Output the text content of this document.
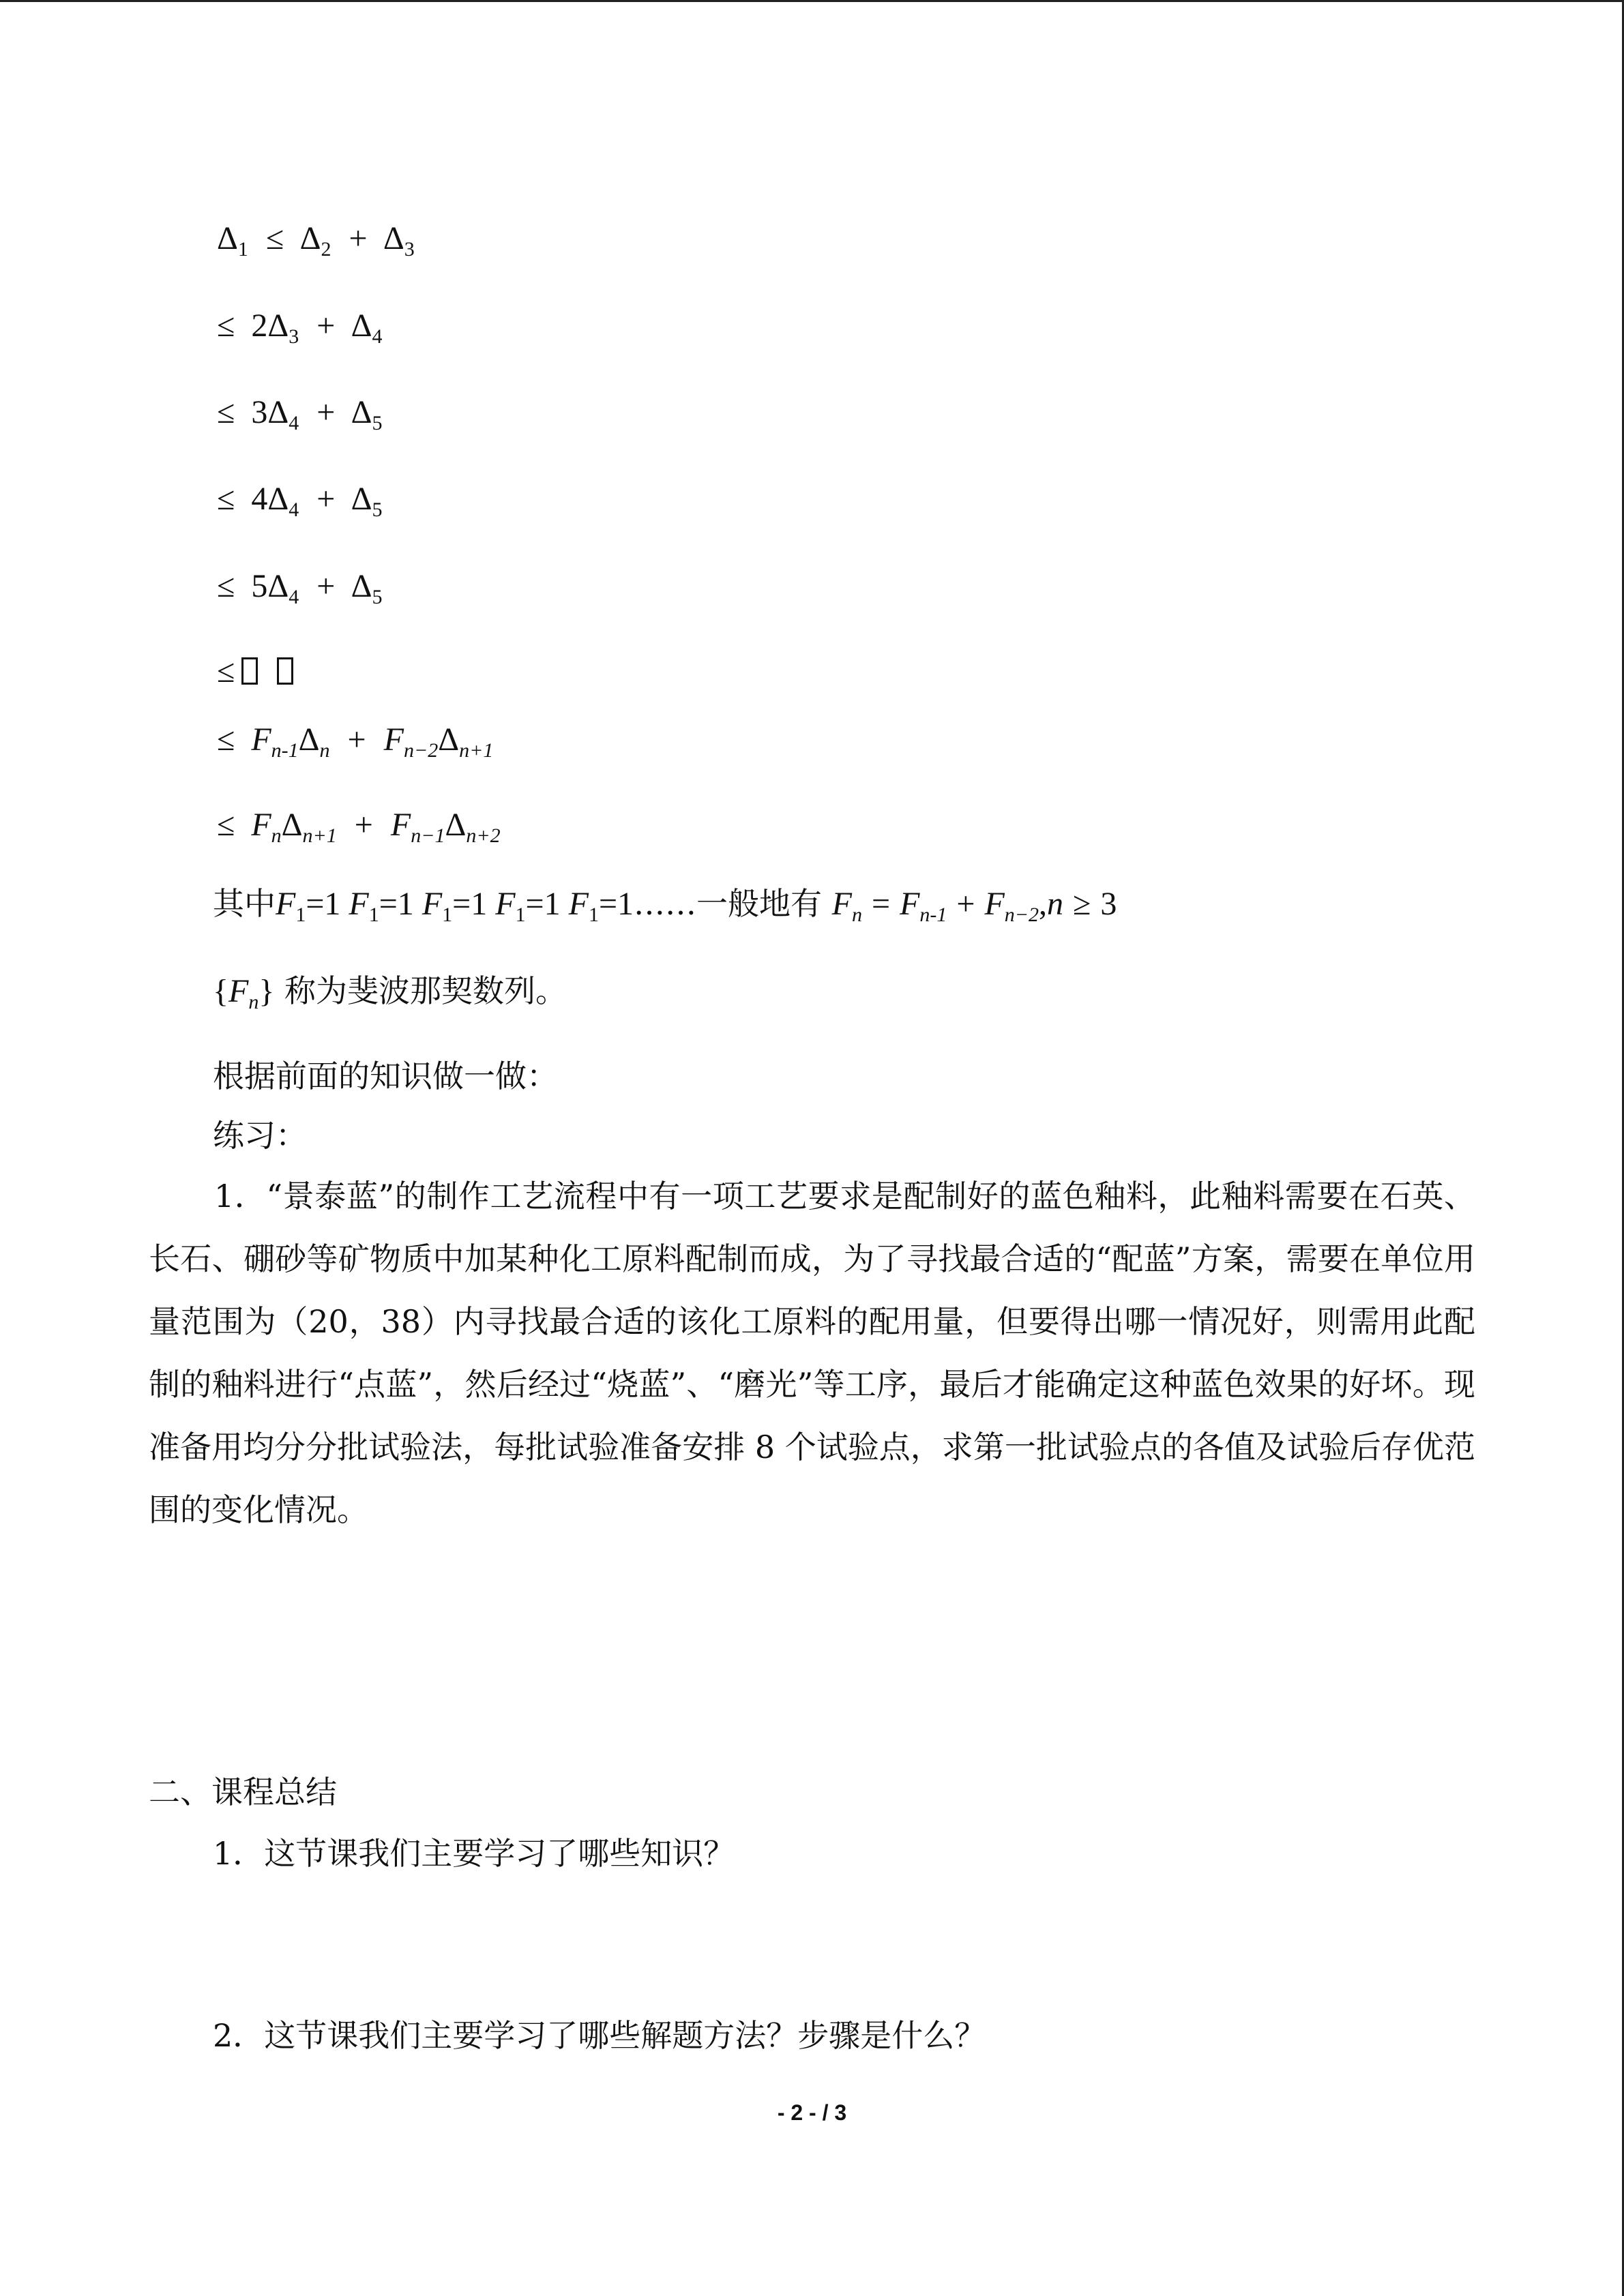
$\Delta_1 \le \Delta_2 + \Delta_3$
≤ $2\Delta_3 + \Delta_4$
≤ $3\Delta_4 + \Delta_5$
≤ $4\Delta_4 + \Delta_5$
≤ $5\Delta_4 + \Delta_5$
≤
≤ $F_{n-1}\Delta_n + F_{n-2}\Delta_{n+1}$
≤ $F_n\Delta_{n+1} + F_{n-1}\Delta_{n+2}$
其中$F_1=1$ $F_1=1$ $F_1=1$ $F_1=1$ $F_1=1\dots\dots$一般地有 $F_n = F_{n-1} + F_{n-2},n \ge 3$
$\{F_n\}$ 称为斐波那契数列。
根据前面的知识做一做：
练习：
1．“景泰蓝”的制作工艺流程中有一项工艺要求是配制好的蓝色釉料，此釉料需要在石英、长石、硼砂等矿物质中加某种化工原料配制而成，为了寻找最合适的“配蓝”方案，需要在单位用量范围为（20，38）内寻找最合适的该化工原料的配用量，但要得出哪一情况好，则需用此配制的釉料进行“点蓝”，然后经过“烧蓝”、“磨光”等工序，最后才能确定这种蓝色效果的好坏。现准备用均分分批试验法，每批试验准备安排 8 个试验点，求第一批试验点的各值及试验后存优范围的变化情况。
二、课程总结
1．这节课我们主要学习了哪些知识？
2．这节课我们主要学习了哪些解题方法？步骤是什么？
- 2 - / 3
